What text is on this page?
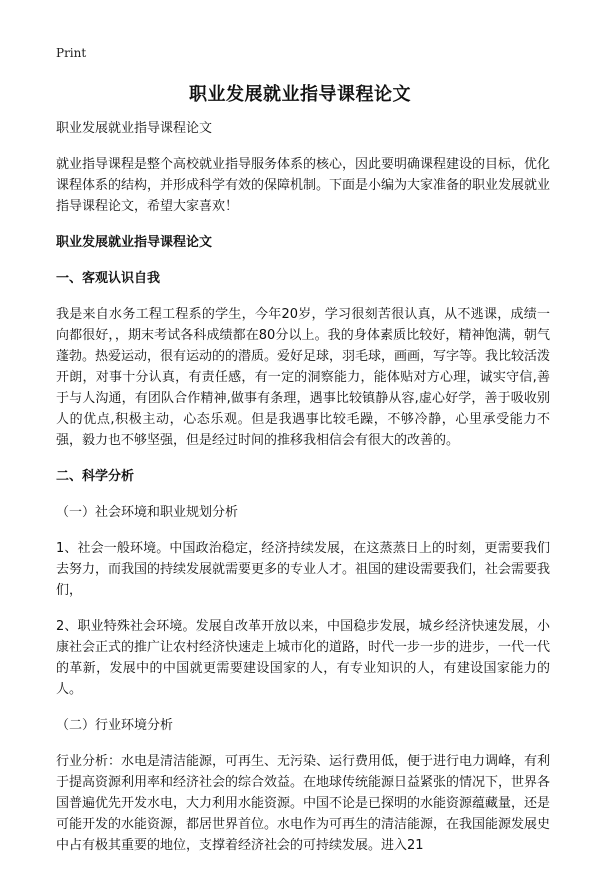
Print
职业发展就业指导课程论文

职业发展就业指导课程论文

就业指导课程是整个高校就业指导服务体系的核心，因此要明确课程建设的目标，优化课程体系的结构，并形成科学有效的保障机制。下面是小编为大家准备的职业发展就业指导课程论文，希望大家喜欢！

职业发展就业指导课程论文

一、客观认识自我

我是来自水务工程工程系的学生，今年20岁，学习很刻苦很认真，从不逃课，成绩一向都很好，，期末考试各科成绩都在80分以上。我的身体素质比较好，精神饱满，朝气蓬勃。热爱运动，很有运动的的潜质。爱好足球，羽毛球，画画，写字等。我比较活泼开朗，对事十分认真，有责任感，有一定的洞察能力，能体贴对方心理，诚实守信,善于与人沟通，有团队合作精神,做事有条理，遇事比较镇静从容,虚心好学，善于吸收别人的优点,积极主动，心态乐观。但是我遇事比较毛躁，不够冷静，心里承受能力不强，毅力也不够坚强，但是经过时间的推移我相信会有很大的改善的。

二、科学分析

（一）社会环境和职业规划分析

1、社会一般环境。中国政治稳定，经济持续发展，在这蒸蒸日上的时刻，更需要我们去努力，而我国的持续发展就需要更多的专业人才。祖国的建设需要我们，社会需要我们，

2、职业特殊社会环境。发展自改革开放以来，中国稳步发展，城乡经济快速发展，小康社会正式的推广让农村经济快速走上城市化的道路，时代一步一步的进步，一代一代的革新，发展中的中国就更需要建设国家的人，有专业知识的人，有建设国家能力的人。

（二）行业环境分析

行业分析：水电是清洁能源，可再生、无污染、运行费用低，便于进行电力调峰，有利于提高资源利用率和经济社会的综合效益。在地球传统能源日益紧张的情况下，世界各国普遍优先开发水电，大力利用水能资源。中国不论是已探明的水能资源蕴藏量，还是可能开发的水能资源，都居世界首位。水电作为可再生的清洁能源，在我国能源发展史中占有极其重要的地位，支撑着经济社会的可持续发展。进入21
